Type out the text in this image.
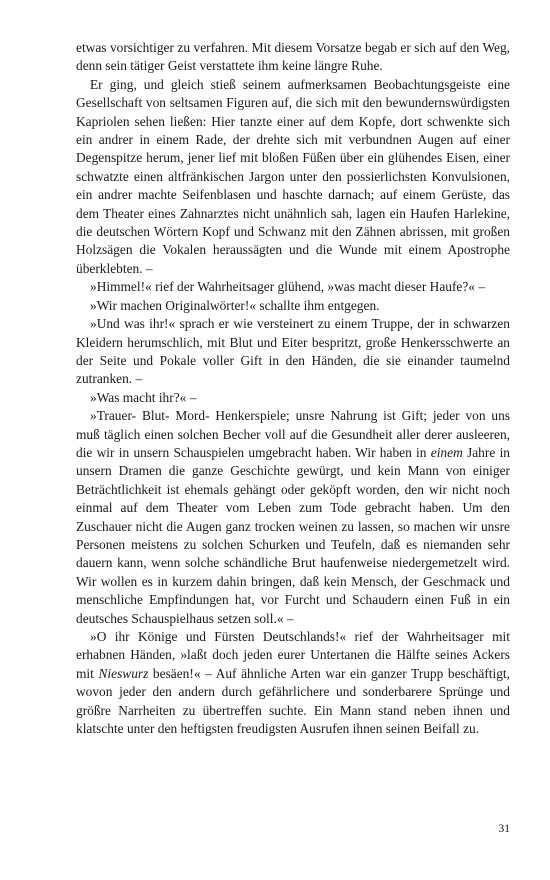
etwas vorsichtiger zu verfahren. Mit diesem Vorsatze begab er sich auf den Weg, denn sein tätiger Geist verstattete ihm keine längre Ruhe.

Er ging, und gleich stieß seinem aufmerksamen Beobachtungsgeiste eine Gesellschaft von seltsamen Figuren auf, die sich mit den bewundernswürdigsten Kapriolen sehen ließen: Hier tanzte einer auf dem Kopfe, dort schwenkte sich ein andrer in einem Rade, der drehte sich mit verbundnen Augen auf einer Degenspitze herum, jener lief mit bloßen Füßen über ein glühendes Eisen, einer schwatzte einen altfränkischen Jargon unter den possierlichsten Konvulsionen, ein andrer machte Seifenblasen und haschte darnach; auf einem Gerüste, das dem Theater eines Zahnarztes nicht unähnlich sah, lagen ein Haufen Harlekine, die deutschen Wörtern Kopf und Schwanz mit den Zähnen abrissen, mit großen Holzsägen die Vokalen heraussägten und die Wunde mit einem Apostrophe überklebten. –

»Himmel!« rief der Wahrheitsager glühend, »was macht dieser Haufe?« –

»Wir machen Originalwörter!« schallte ihm entgegen.

»Und was ihr!« sprach er wie versteinert zu einem Truppe, der in schwarzen Kleidern herumschlich, mit Blut und Eiter bespritzt, große Henkersschwerte an der Seite und Pokale voller Gift in den Händen, die sie einander taumelnd zutranken. –

»Was macht ihr?« –

»Trauer- Blut- Mord- Henkerspiele; unsre Nahrung ist Gift; jeder von uns muß täglich einen solchen Becher voll auf die Gesundheit aller derer ausleeren, die wir in unsern Schauspielen umgebracht haben. Wir haben in einem Jahre in unsern Dramen die ganze Geschichte gewürgt, und kein Mann von einiger Beträchtlichkeit ist ehemals gehängt oder geköpft worden, den wir nicht noch einmal auf dem Theater vom Leben zum Tode gebracht haben. Um den Zuschauer nicht die Augen ganz trocken weinen zu lassen, so machen wir unsre Personen meistens zu solchen Schurken und Teufeln, daß es niemanden sehr dauern kann, wenn solche schändliche Brut haufenweise niedergemetzelt wird. Wir wollen es in kurzem dahin bringen, daß kein Mensch, der Geschmack und menschliche Empfindungen hat, vor Furcht und Schaudern einen Fuß in ein deutsches Schauspielhaus setzen soll.« –

»O ihr Könige und Fürsten Deutschlands!« rief der Wahrheitsager mit erhabnen Händen, »laßt doch jeden eurer Untertanen die Hälfte seines Ackers mit Nieswurz besäen!« – Auf ähnliche Arten war ein ganzer Trupp beschäftigt, wovon jeder den andern durch gefährlichere und sonderbarere Sprünge und größre Narrheiten zu übertreffen suchte. Ein Mann stand neben ihnen und klatschte unter den heftigsten freudigsten Ausrufen ihnen seinen Beifall zu.

31
